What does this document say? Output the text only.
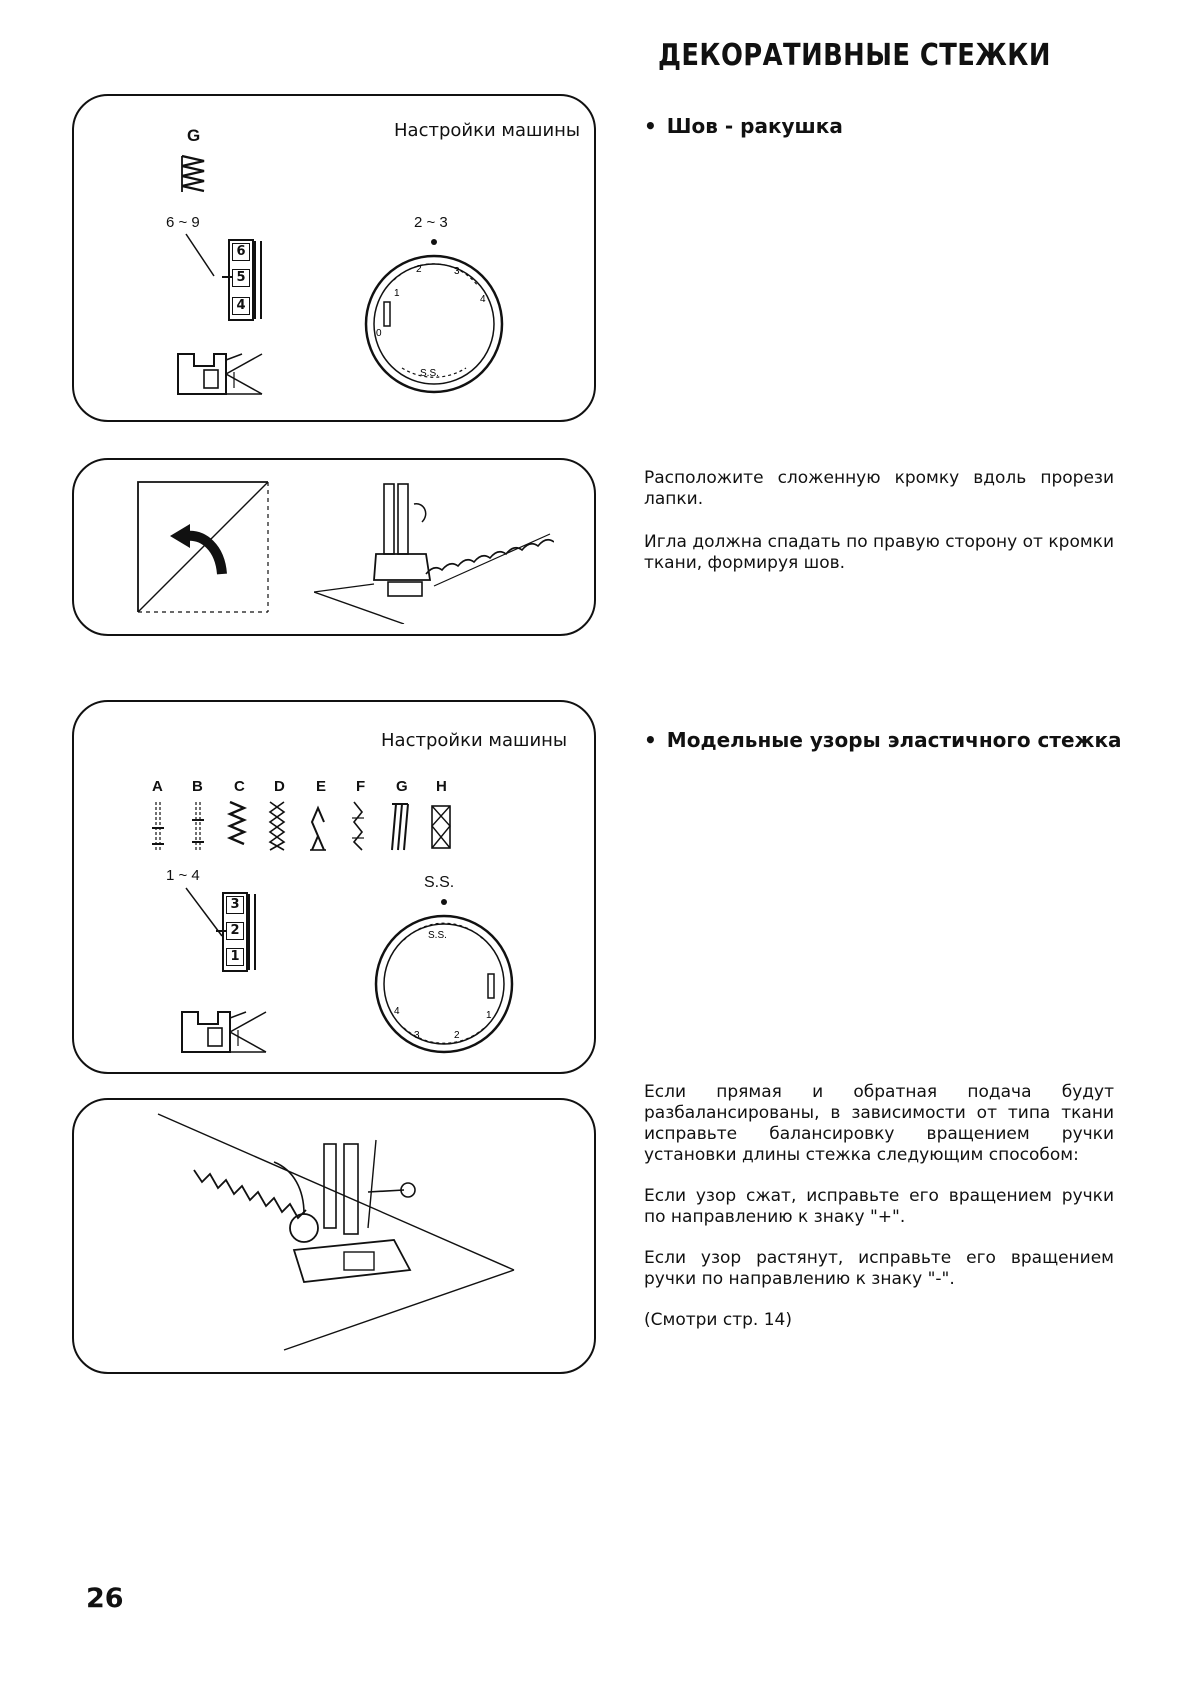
ДЕКОРАТИВНЫЕ СТЕЖКИ
G
6 ~ 9
6
5
4
Настройки машины
2 ~ 3
0
1
2	3
4
S.S.
• Шов - ракушка

Расположите сложенную кромку вдоль прорези лапки.

Игла должна спадать по правую сторону от кромки ткани, формируя шов.

Настройки машины
A B C D E F G H
1 ~ 4
3
2
1
S.S.
S.S.
4
3	2
1
• Модельные узоры эластичного стежка

Если прямая и обратная подача будут разбалансированы, в зависимости от типа ткани исправьте балансировку вращением ручки установки длины стежка следующим способом:

Если узор сжат, исправьте его вращением ручки по направлению к знаку "+".

Если узор растянут, исправьте его вращением ручки по направлению к знаку "-".

(Смотри стр. 14)

26
